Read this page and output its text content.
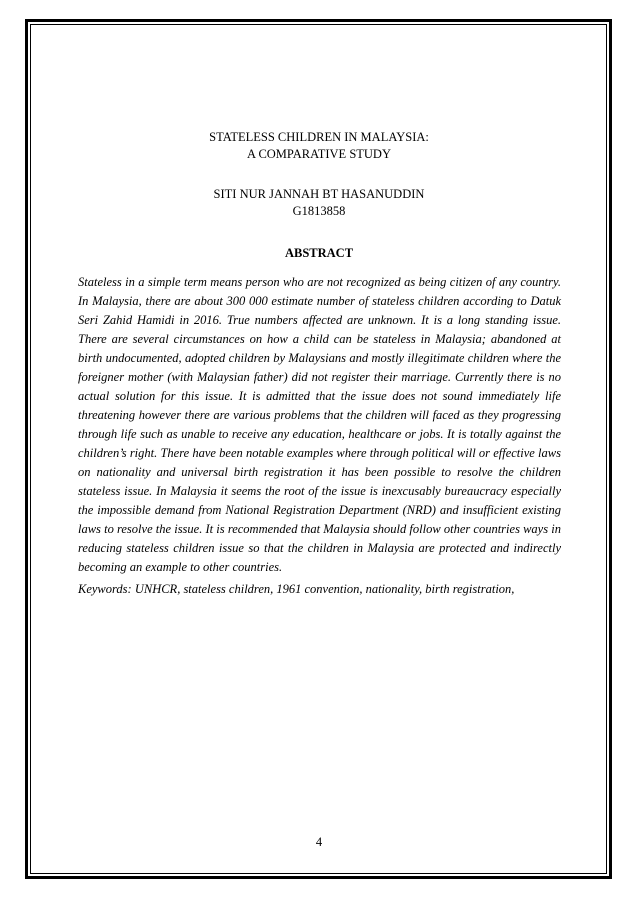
STATELESS CHILDREN IN MALAYSIA:
A COMPARATIVE STUDY
SITI NUR JANNAH BT HASANUDDIN
G1813858
ABSTRACT

Stateless in a simple term means person who are not recognized as being citizen of any country. In Malaysia, there are about 300 000 estimate number of stateless children according to Datuk Seri Zahid Hamidi in 2016. True numbers affected are unknown. It is a long standing issue. There are several circumstances on how a child can be stateless in Malaysia; abandoned at birth undocumented, adopted children by Malaysians and mostly illegitimate children where the foreigner mother (with Malaysian father) did not register their marriage. Currently there is no actual solution for this issue. It is admitted that the issue does not sound immediately life threatening however there are various problems that the children will faced as they progressing through life such as unable to receive any education, healthcare or jobs. It is totally against the children’s right. There have been notable examples where through political will or effective laws on nationality and universal birth registration it has been possible to resolve the children stateless issue. In Malaysia it seems the root of the issue is inexcusably bureaucracy especially the impossible demand from National Registration Department (NRD) and insufficient existing laws to resolve the issue. It is recommended that Malaysia should follow other countries ways in reducing stateless children issue so that the children in Malaysia are protected and indirectly becoming an example to other countries.

Keywords: UNHCR, stateless children, 1961 convention, nationality, birth registration,

4
